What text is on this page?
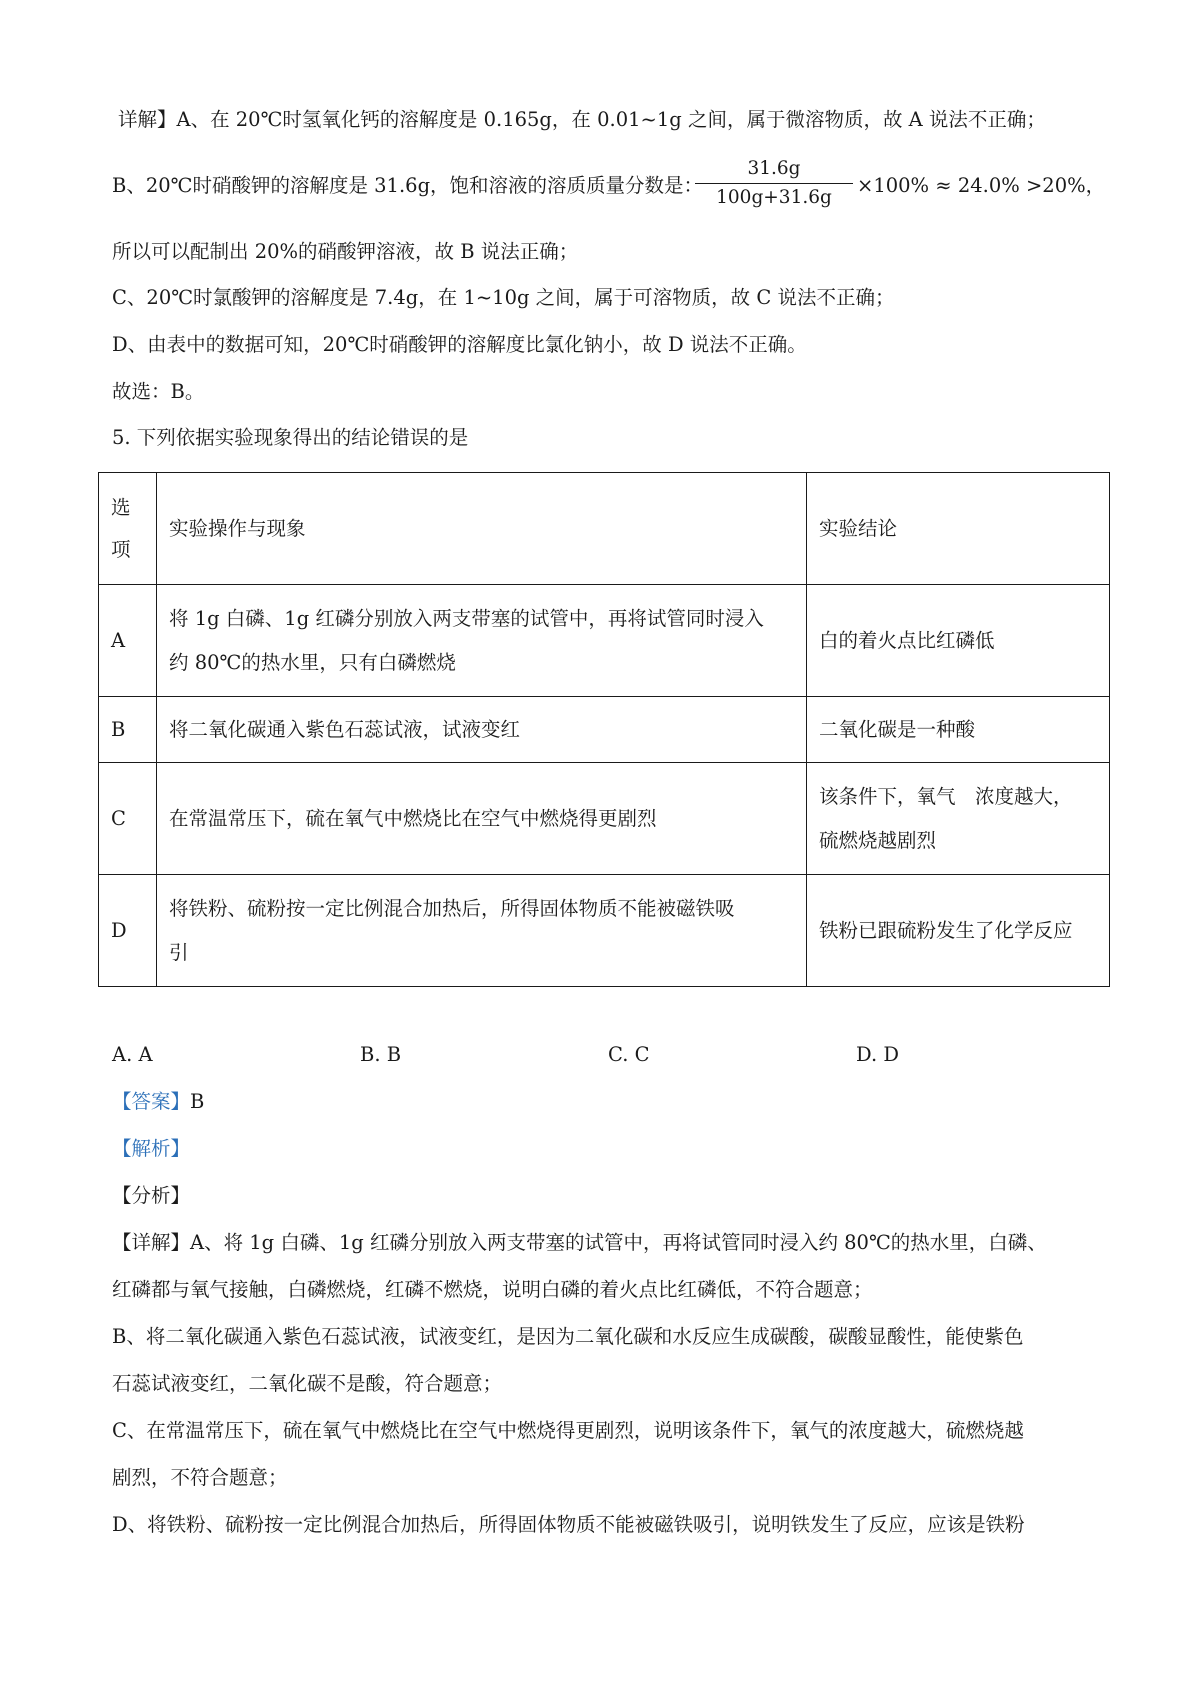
详解】A、在 20℃时氢氧化钙的溶解度是 0.165g，在 0.01~1g 之间，属于微溶物质，故 A 说法不正确；
B、20℃时硝酸钾的溶解度是 31.6g，饱和溶液的溶质质量分数是：
31.6g
100g+31.6g
×100% ≈ 24.0% >20%，
所以可以配制出 20%的硝酸钾溶液，故 B 说法正确；
C、20℃时氯酸钾的溶解度是 7.4g，在 1~10g 之间，属于可溶物质，故 C 说法不正确；
D、由表中的数据可知，20℃时硝酸钾的溶解度比氯化钠小，故 D 说法不正确。
故选：B。
5. 下列依据实验现象得出的结论错误的是
选
项	实验操作与现象	实验结论
A	将 1g 白磷、1g 红磷分别放入两支带塞的试管中，再将试管同时浸入
约 80℃的热水里，只有白磷燃烧	白的着火点比红磷低
B	将二氧化碳通入紫色石蕊试液，试液变红	二氧化碳是一种酸
C	在常温常压下，硫在氧气中燃烧比在空气中燃烧得更剧烈	该条件下，氧气　浓度越大，
硫燃烧越剧烈

D	将铁粉、硫粉按一定比例混合加热后，所得固体物质不能被磁铁吸
引	铁粉已跟硫粉发生了化学反应
A. A	B. B	C. C	D. D
【答案】B
【解析】
【分析】
【详解】A、将 1g 白磷、1g 红磷分别放入两支带塞的试管中，再将试管同时浸入约 80℃的热水里，白磷、
红磷都与氧气接触，白磷燃烧，红磷不燃烧，说明白磷的着火点比红磷低，不符合题意；
B、将二氧化碳通入紫色石蕊试液，试液变红，是因为二氧化碳和水反应生成碳酸，碳酸显酸性，能使紫色
石蕊试液变红，二氧化碳不是酸，符合题意；
C、在常温常压下，硫在氧气中燃烧比在空气中燃烧得更剧烈，说明该条件下，氧气的浓度越大，硫燃烧越
剧烈，不符合题意；
D、将铁粉、硫粉按一定比例混合加热后，所得固体物质不能被磁铁吸引，说明铁发生了反应，应该是铁粉
